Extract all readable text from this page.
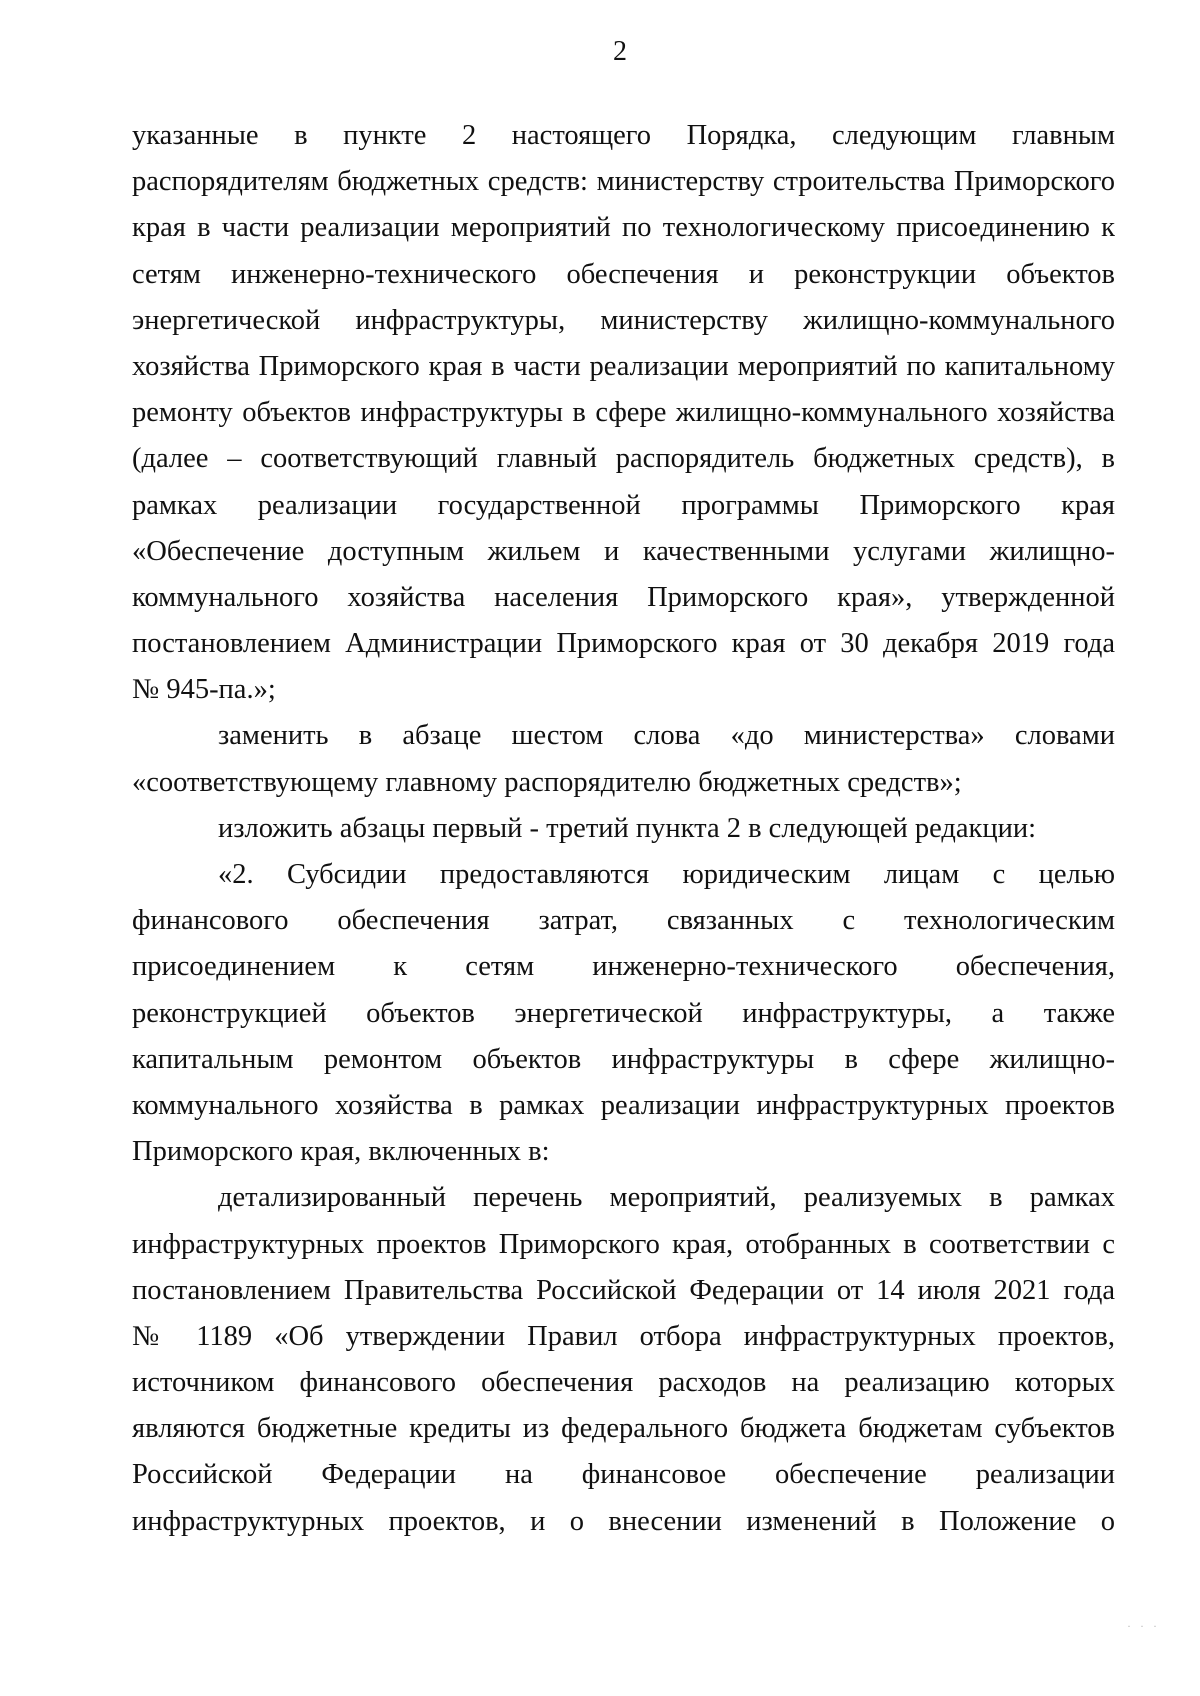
2
указанные в пункте 2 настоящего Порядка, следующим главным
распорядителям бюджетных средств: министерству строительства Приморского
края в части реализации мероприятий по технологическому присоединению к
сетям инженерно-технического обеспечения и реконструкции объектов
энергетической инфраструктуры, министерству жилищно-коммунального
хозяйства Приморского края в части реализации мероприятий по капитальному
ремонту объектов инфраструктуры в сфере жилищно-коммунального хозяйства
(далее – соответствующий главный распорядитель бюджетных средств), в
рамках реализации государственной программы Приморского края
«Обеспечение доступным жильем и качественными услугами жилищно-
коммунального хозяйства населения Приморского края», утвержденной
постановлением Администрации Приморского края от 30 декабря 2019 года
№ 945-па.»;
заменить в абзаце шестом слова «до министерства» словами
«соответствующему главному распорядителю бюджетных средств»;
изложить абзацы первый - третий пункта 2 в следующей редакции:
«2. Субсидии предоставляются юридическим лицам с целью
финансового обеспечения затрат, связанных с технологическим
присоединением к сетям инженерно-технического обеспечения,
реконструкцией объектов энергетической инфраструктуры, а также
капитальным ремонтом объектов инфраструктуры в сфере жилищно-
коммунального хозяйства в рамках реализации инфраструктурных проектов
Приморского края, включенных в:
детализированный перечень мероприятий, реализуемых в рамках
инфраструктурных проектов Приморского края, отобранных в соответствии с
постановлением Правительства Российской Федерации от 14 июля 2021 года
№ 1189 «Об утверждении Правил отбора инфраструктурных проектов,
источником финансового обеспечения расходов на реализацию которых
являются бюджетные кредиты из федерального бюджета бюджетам субъектов
Российской Федерации на финансовое обеспечение реализации
инфраструктурных проектов, и о внесении изменений в Положение о
· · ·
